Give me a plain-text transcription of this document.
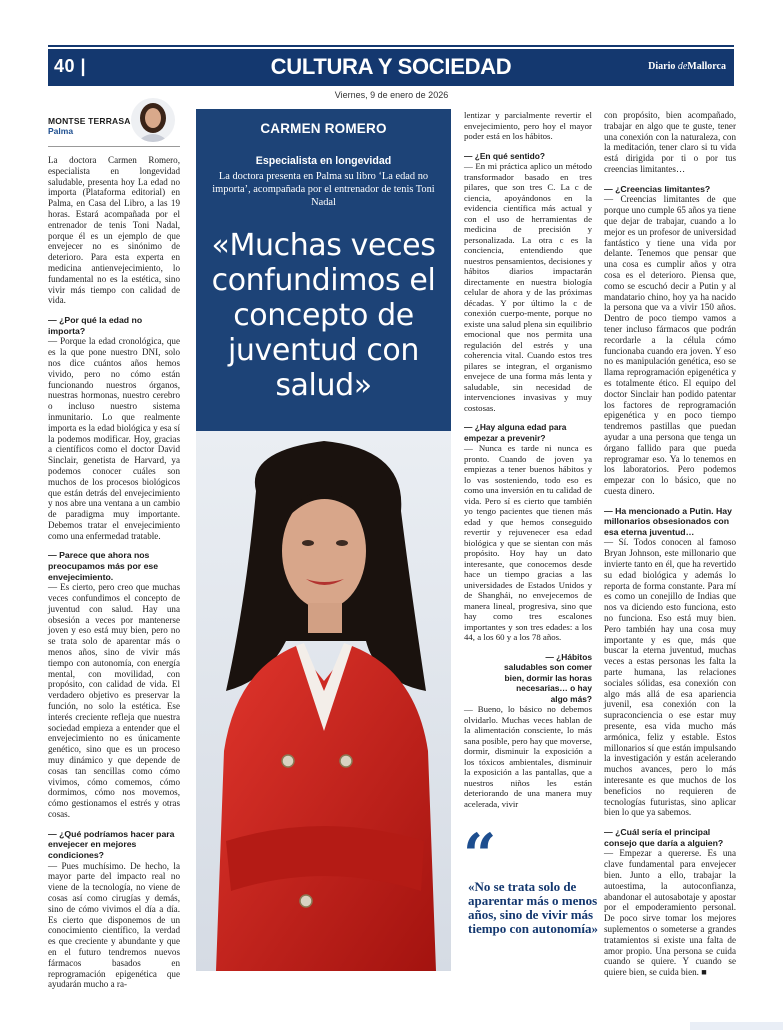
40 |	CULTURA Y SOCIEDAD	Diario deMallorca
Viernes, 9 de enero de 2026
MONTSE TERRASA
Palma

La doctora Carmen Romero, especialista en longevidad saludable, presenta hoy La edad no importa (Plataforma editorial) en Palma, en Casa del Libro, a las 19 horas. Estará acompañada por el entrenador de tenis Toni Nadal, porque él es un ejemplo de que envejecer no es sinónimo de deterioro. Para esta experta en medicina antienvejecimiento, lo fundamental no es la estética, sino vivir más tiempo con calidad de vida.

— ¿Por qué la edad no importa?

— Porque la edad cronológica, que es la que pone nuestro DNI, solo nos dice cuántos años hemos vivido, pero no cómo están funcionando nuestros órganos, nuestras hormonas, nuestro cerebro o incluso nuestro sistema inmunitario. Lo que realmente importa es la edad biológica y esa sí la podemos modificar. Hoy, gracias a científicos como el doctor David Sinclair, genetista de Harvard, ya podemos conocer cuáles son muchos de los procesos biológicos que están detrás del envejecimiento y nos abre una ventana a un cambio de paradigma muy importante. Debemos tratar el envejecimiento como una enfermedad tratable.

— Parece que ahora nos preocupamos más por ese envejecimiento.

— Es cierto, pero creo que muchas veces confundimos el concepto de juventud con salud. Hay una obsesión a veces por mantenerse joven y eso está muy bien, pero no se trata solo de aparentar más o menos años, sino de vivir más tiempo con autonomía, con energía mental, con movilidad, con propósito, con calidad de vida. El verdadero objetivo es preservar la función, no solo la estética. Ese interés creciente refleja que nuestra sociedad empieza a entender que el envejecimiento no es únicamente genético, sino que es un proceso muy dinámico y que depende de cosas tan sencillas como cómo vivimos, cómo comemos, cómo dormimos, cómo nos movemos, cómo gestionamos el estrés y otras cosas.

— ¿Qué podríamos hacer para envejecer en mejores condiciones?

— Pues muchísimo. De hecho, la mayor parte del impacto real no viene de la tecnología, no viene de cosas así como cirugías y demás, sino de cómo vivimos el día a día. Es cierto que disponemos de un conocimiento científico, la verdad es que creciente y abundante y que en el futuro tendremos nuevos fármacos basados en reprogramación epigenética que ayudarán mucho a ra-

CARMEN ROMERO
Especialista en longevidad
La doctora presenta en Palma su libro ‘La edad no importa’, acompañada por el entrenador de tenis Toni Nadal
«Muchas veces confundimos el concepto de juventud con salud»

lentizar y parcialmente revertir el envejecimiento, pero hoy el mayor poder está en los hábitos.

— ¿En qué sentido?

— En mi práctica aplico un método transformador basado en tres pilares, que son tres C. La c de ciencia, apoyándonos en la evidencia científica más actual y con el uso de herramientas de medicina de precisión y personalizada. La otra c es la conciencia, entendiendo que nuestros pensamientos, decisiones y hábitos diarios impactarán directamente en nuestra biología celular de ahora y de las próximas décadas. Y por último la c de conexión cuerpo-mente, porque no existe una salud plena sin equilibrio emocional que nos permita una regulación del estrés y una coherencia vital. Cuando estos tres pilares se integran, el organismo envejece de una forma más lenta y saludable, sin necesidad de intervenciones invasivas y muy costosas.

— ¿Hay alguna edad para empezar a prevenir?

— Nunca es tarde ni nunca es pronto. Cuando de joven ya empiezas a tener buenos hábitos y lo vas sosteniendo, todo eso es como una inversión en tu calidad de vida. Pero sí es cierto que también yo tengo pacientes que tienen más edad y que hemos conseguido revertir y rejuvenecer esa edad biológica y que se sientan con más propósito. Hoy hay un dato interesante, que conocemos desde hace un tiempo gracias a las universidades de Estados Unidos y de Shanghái, no envejecemos de manera lineal, progresiva, sino que hay como tres escalones importantes y son tres edades: a los 44, a los 60 y a los 78 años.

— ¿Hábitos saludables son comer bien, dormir las horas necesarias… o hay algo más?

— Bueno, lo básico no debemos olvidarlo. Muchas veces hablan de la alimentación consciente, lo más sana posible, pero hay que moverse, dormir, disminuir la exposición a los tóxicos ambientales, disminuir la exposición a las pantallas, que a nuestros niños les están deteriorando de una manera muy acelerada, vivir

“
«No se trata solo de aparentar más o menos años, sino de vivir más tiempo con autonomía»

con propósito, bien acompañado, trabajar en algo que te guste, tener una conexión con la naturaleza, con la meditación, tener claro si tu vida está dirigida por ti o por tus creencias limitantes…

— ¿Creencias limitantes?

— Creencias limitantes de que porque uno cumple 65 años ya tiene que dejar de trabajar, cuando a lo mejor es un profesor de universidad fantástico y tiene una vida por delante. Tenemos que pensar que una cosa es cumplir años y otra cosa es el deterioro. Piensa que, como se escuchó decir a Putin y al mandatario chino, hoy ya ha nacido la persona que va a vivir 150 años. Dentro de poco tiempo vamos a tener incluso fármacos que podrán recordarle a la célula cómo funcionaba cuando era joven. Y eso no es manipulación genética, eso se llama reprogramación epigenética y es totalmente ético. El equipo del doctor Sinclair han podido patentar los factores de reprogramación epigenética y en poco tiempo tendremos pastillas que puedan ayudar a una persona que tenga un órgano fallido para que pueda reprogramar eso. Ya lo tenemos en los laboratorios. Pero podemos empezar con lo básico, que no cuesta dinero.

— Ha mencionado a Putin. Hay millonarios obsesionados con esa eterna juventud…

— Sí. Todos conocen al famoso Bryan Johnson, este millonario que invierte tanto en él, que ha revertido su edad biológica y además lo reporta de forma constante. Para mí es como un conejillo de Indias que nos va diciendo esto funciona, esto no funciona. Eso está muy bien. Pero también hay una cosa muy importante y es que, más que buscar la eterna juventud, muchas veces a estas personas les falta la parte humana, las relaciones sociales sólidas, esa conexión con algo más allá de esa apariencia juvenil, esa conexión con la supraconciencia o ese estar muy presente, esa vida mucho más armónica, feliz y estable. Estos millonarios sí que están impulsando la investigación y están acelerando muchos avances, pero lo más interesante es que muchos de los beneficios no requieren de tecnologías futuristas, sino aplicar bien lo que ya sabemos.

— ¿Cuál sería el principal consejo que daría a alguien?

— Empezar a quererse. Es una clave fundamental para envejecer bien. Junto a ello, trabajar la autoestima, la autoconfianza, abandonar el autosabotaje y apostar por el empoderamiento personal. De poco sirve tomar los mejores suplementos o someterse a grandes tratamientos si existe una falta de amor propio. Una persona se cuida cuando se quiere. Y cuando se quiere bien, se cuida bien. ■
